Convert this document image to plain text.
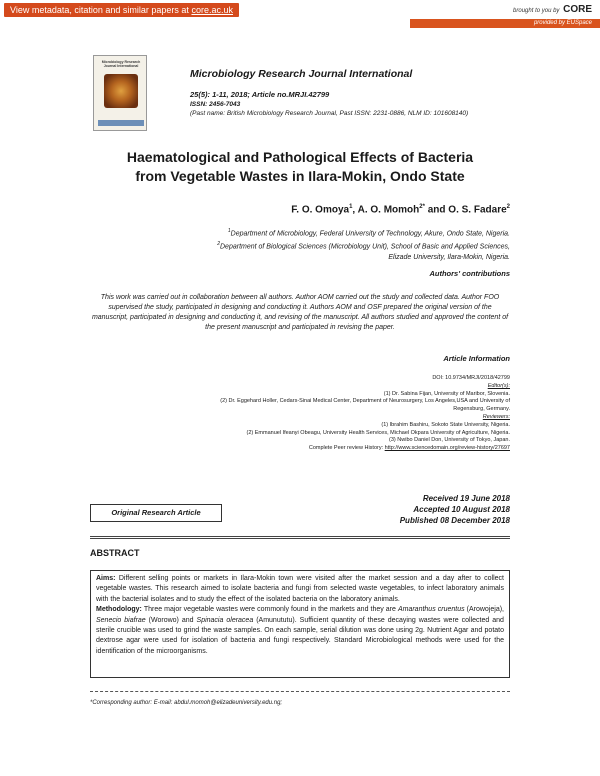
View metadata, citation and similar papers at core.ac.uk	brought to you by CORE
provided by EUSpace
Microbiology Research Journal International
Microbiology Research Journal International
25(5): 1-11, 2018; Article no.MRJI.42799
ISSN: 2456-7043
(Past name: British Microbiology Research Journal, Past ISSN: 2231-0886, NLM ID: 101608140)
Haematological and Pathological Effects of Bacteria
from Vegetable Wastes in Ilara-Mokin, Ondo State
F. O. Omoya$^1$, A. O. Momoh$^{2*}$ and O. S. Fadare$^2$
$^1$Department of Microbiology, Federal University of Technology, Akure, Ondo State, Nigeria.
$^2$Department of Biological Sciences (Microbiology Unit), School of Basic and Applied Sciences,
Elizade University, Ilara-Mokin, Nigeria.
Authors' contributions
This work was carried out in collaboration between all authors. Author AOM carried out the study and collected data. Author FOO supervised the study, participated in designing and conducting it. Authors AOM and OSF prepared the original version of the manuscript, participated in designing and conducting it, and revising of the manuscript. All authors studied and approved the content of the present manuscript and participated in revising the paper.
Article Information
DOI: 10.9734/MRJI/2018/42799
Editor(s):
(1) Dr. Sabina Fijan, University of Maribor, Slovenia.
(2) Dr. Eggehard Holler, Cedars-Sinai Medical Center, Department of Neurosurgery, Los Angeles,USA and University of
Regensburg, Germany.
Reviewers:
(1) Ibrahim Bashiru, Sokoto State University, Nigeria.
(2) Emmanuel Ifeanyi Obeagu, University Health Services, Michael Okpara University of Agriculture, Nigeria.
(3) Nwibo Daniel Don, University of Tokyo, Japan.
Complete Peer review History: http://www.sciencedomain.org/review-history/27697
Received 19 June 2018
Accepted 10 August 2018
Published 08 December 2018
Original Research Article
ABSTRACT

Aims: Different selling points or markets in Ilara-Mokin town were visited after the market session and a day after to collect vegetable wastes. This research aimed to isolate bacteria and fungi from selected waste vegetables, to infect laboratory animals with the bacterial isolates and to study the effect of the isolated bacteria on the laboratory animals.

Methodology: Three major vegetable wastes were commonly found in the markets and they are Amaranthus cruentus (Arowojeja), Senecio biafrae (Worowo) and Spinacia oleracea (Amunututu). Sufficient quantity of these decaying wastes were collected and sterile crucible was used to grind the waste samples. On each sample, serial dilution was done using 2g. Nutrient Agar and potato dextrose agar were used for isolation of bacteria and fungi respectively. Standard Microbiological methods were used for the identification of the microorganisms.

*Corresponding author: E-mail: abdul.momoh@elizadeuniversity.edu.ng;
